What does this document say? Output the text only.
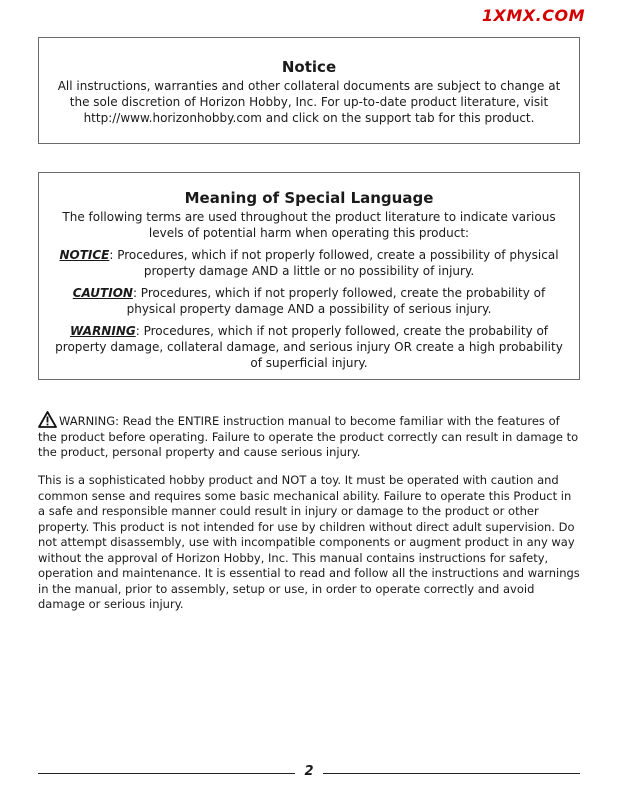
1XMX.COM

Notice

All instructions, warranties and other collateral documents are subject to change at the sole discretion of Horizon Hobby, Inc. For up-to-date product literature, visit http://www.horizonhobby.com and click on the support tab for this product.

Meaning of Special Language

The following terms are used throughout the product literature to indicate various levels of potential harm when operating this product:

NOTICE: Procedures, which if not properly followed, create a possibility of physical property damage AND a little or no possibility of injury.

CAUTION: Procedures, which if not properly followed, create the probability of physical property damage AND a possibility of serious injury.

WARNING: Procedures, which if not properly followed, create the probability of property damage, collateral damage, and serious injury OR create a high probability of superficial injury.

WARNING: Read the ENTIRE instruction manual to become familiar with the features of the product before operating. Failure to operate the product correctly can result in damage to the product, personal property and cause serious injury.

This is a sophisticated hobby product and NOT a toy. It must be operated with caution and common sense and requires some basic mechanical ability. Failure to operate this Product in a safe and responsible manner could result in injury or damage to the product or other property. This product is not intended for use by children without direct adult supervision. Do not attempt disassembly, use with incompatible components or augment product in any way without the approval of Horizon Hobby, Inc. This manual contains instructions for safety, operation and maintenance. It is essential to read and follow all the instructions and warnings in the manual, prior to assembly, setup or use, in order to operate correctly and avoid damage or serious injury.

2
